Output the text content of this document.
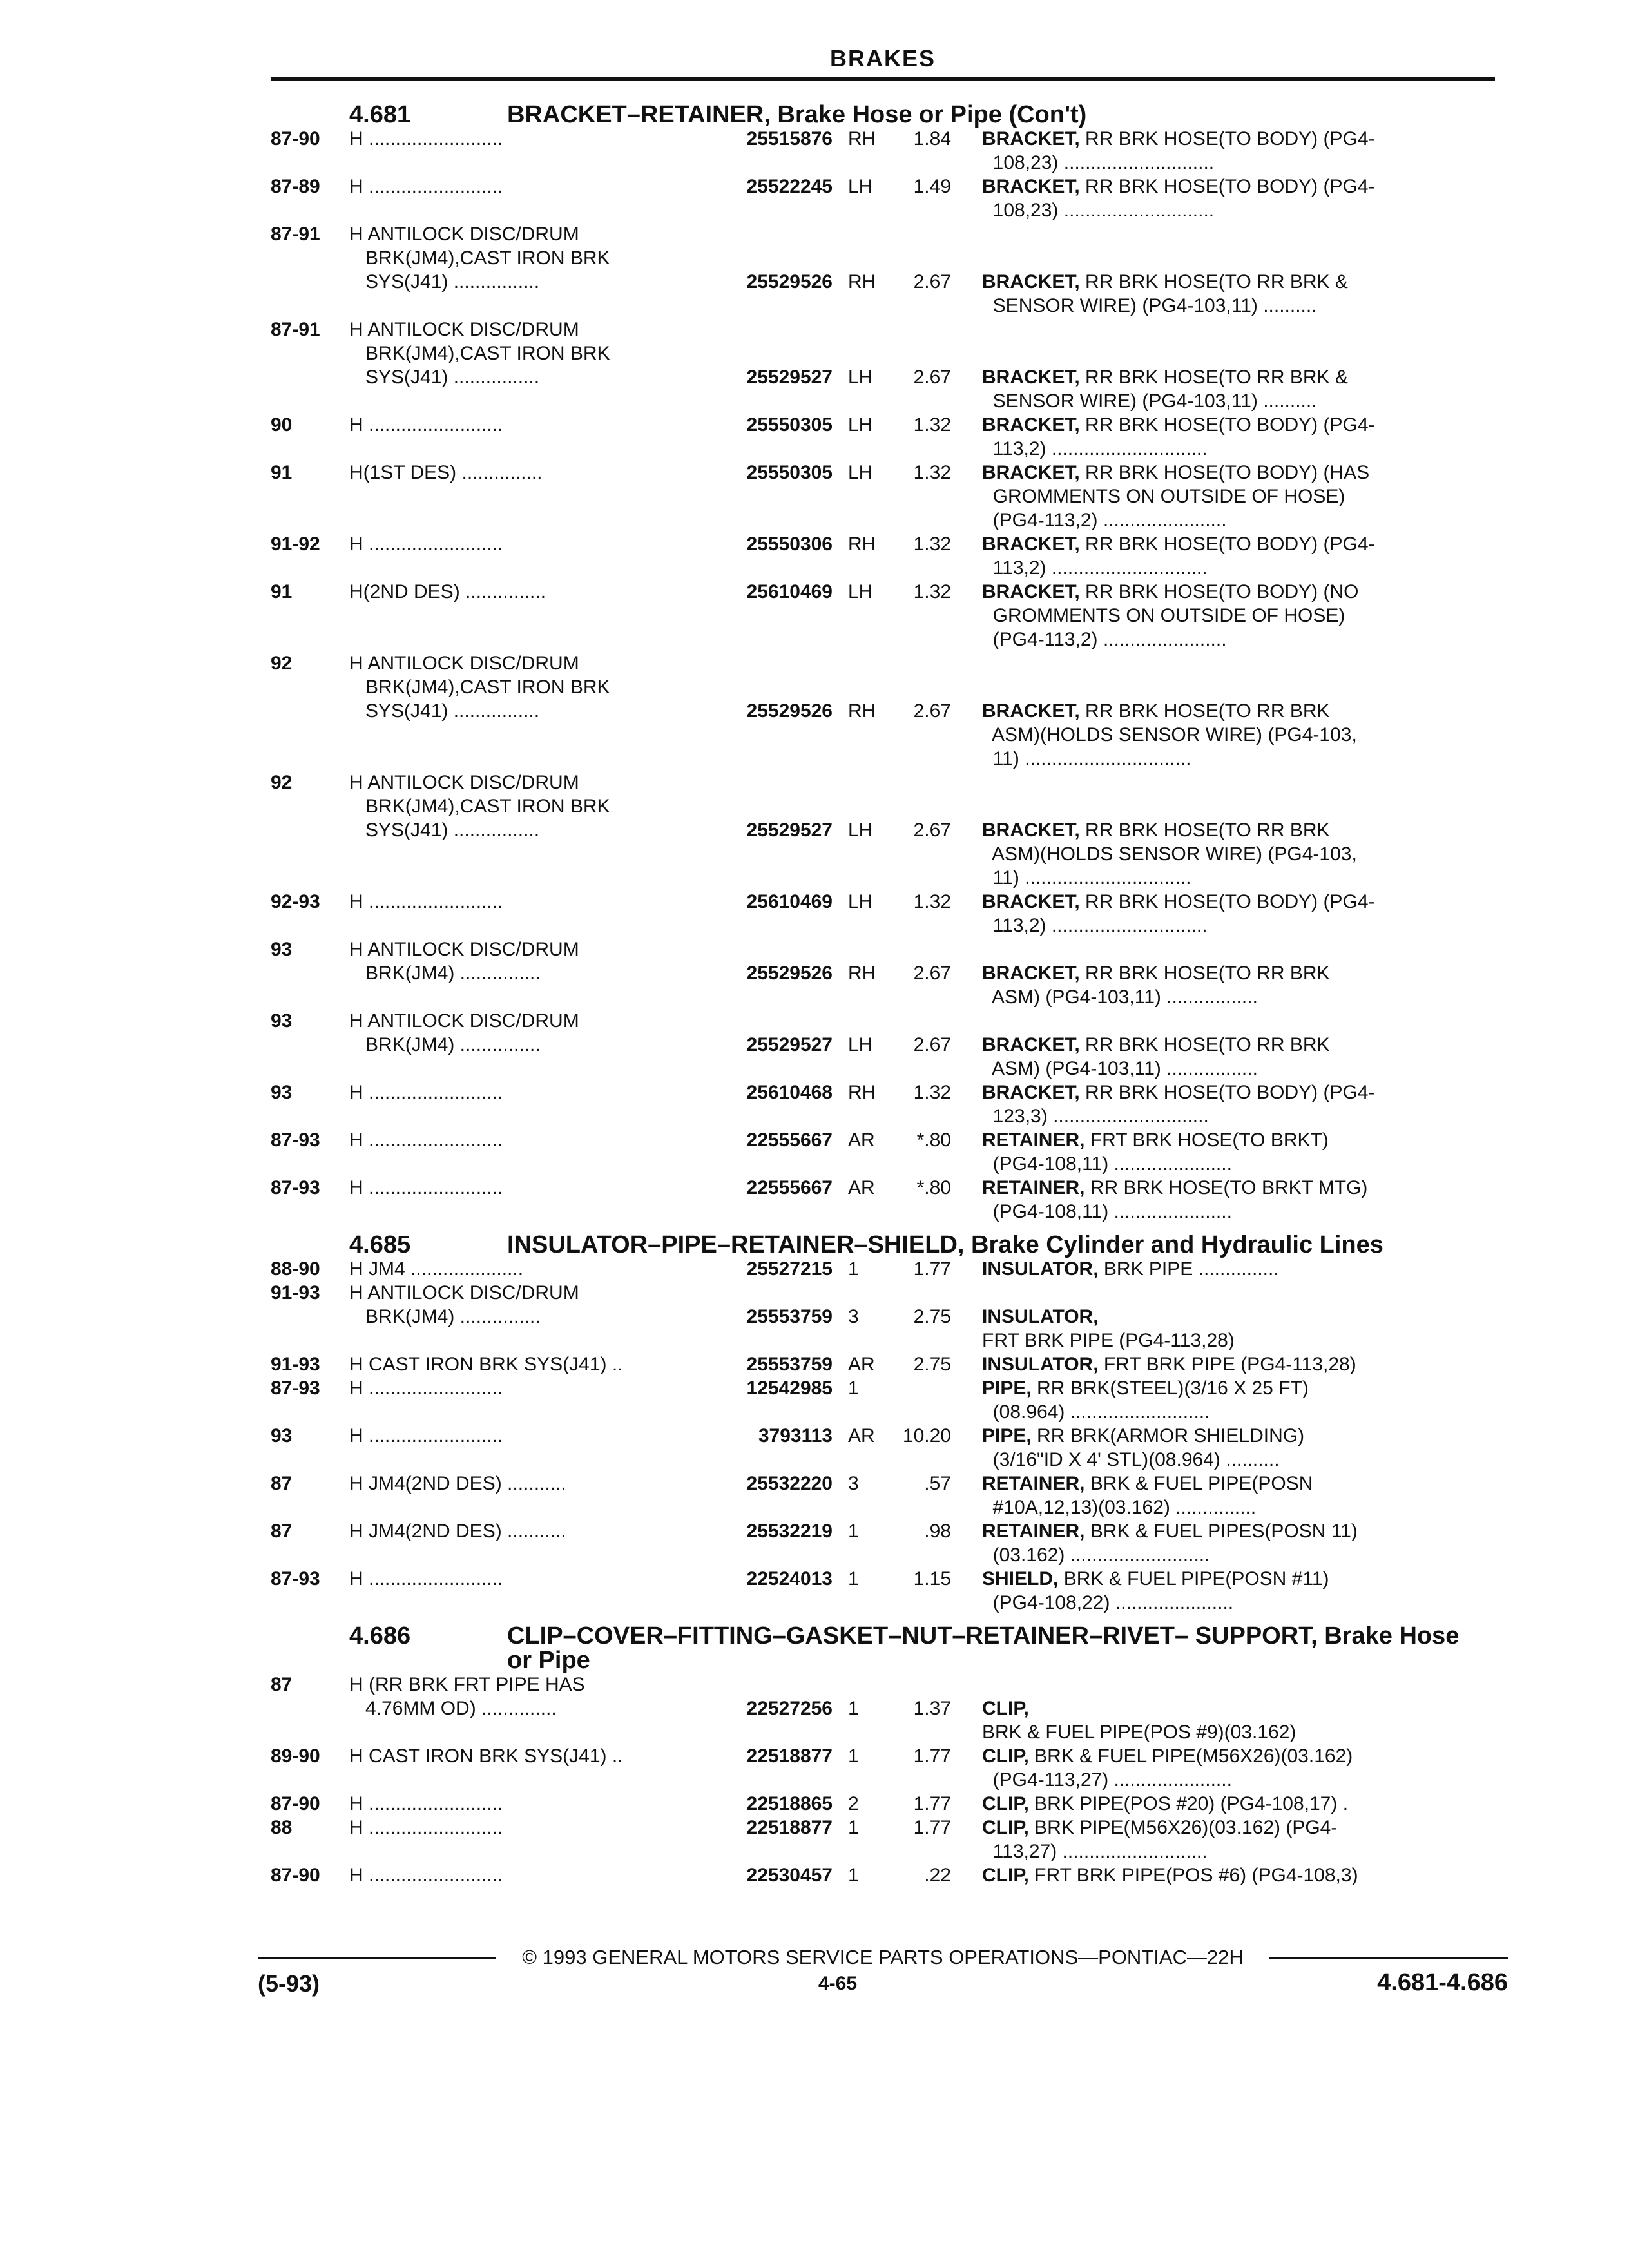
BRAKES
4.681	BRACKET–RETAINER, Brake Hose or Pipe (Con't)
87-90	H .........................	25515876 RH	1.84 BRACKET, RR BRK HOSE(TO BODY) (PG4-
108,23) ............................
87-89	H .........................	25522245 LH	1.49 BRACKET, RR BRK HOSE(TO BODY) (PG4-
108,23) ............................
87-91	H ANTILOCK DISC/DRUM
BRK(JM4),CAST IRON BRK
SYS(J41) ................	25529526 RH	2.67 BRACKET, RR BRK HOSE(TO RR BRK &
SENSOR WIRE) (PG4-103,11) ..........
87-91	H ANTILOCK DISC/DRUM
BRK(JM4),CAST IRON BRK
SYS(J41) ................	25529527 LH	2.67 BRACKET, RR BRK HOSE(TO RR BRK &
SENSOR WIRE) (PG4-103,11) ..........
90	H .........................	25550305 LH	1.32 BRACKET, RR BRK HOSE(TO BODY) (PG4-
113,2) .............................
91	H(1ST DES) ...............	25550305 LH	1.32 BRACKET, RR BRK HOSE(TO BODY) (HAS
GROMMENTS ON OUTSIDE OF HOSE)
(PG4-113,2) .......................
91-92	H .........................	25550306 RH	1.32 BRACKET, RR BRK HOSE(TO BODY) (PG4-
113,2) .............................
91	H(2ND DES) ...............	25610469 LH	1.32 BRACKET, RR BRK HOSE(TO BODY) (NO
GROMMENTS ON OUTSIDE OF HOSE)
(PG4-113,2) .......................
92	H ANTILOCK DISC/DRUM
BRK(JM4),CAST IRON BRK
SYS(J41) ................	25529526 RH	2.67 BRACKET, RR BRK HOSE(TO RR BRK
ASM)(HOLDS SENSOR WIRE) (PG4-103,
11) ...............................
92	H ANTILOCK DISC/DRUM
BRK(JM4),CAST IRON BRK
SYS(J41) ................	25529527 LH	2.67 BRACKET, RR BRK HOSE(TO RR BRK
ASM)(HOLDS SENSOR WIRE) (PG4-103,
11) ...............................
92-93	H .........................	25610469 LH	1.32 BRACKET, RR BRK HOSE(TO BODY) (PG4-
113,2) .............................
93	H ANTILOCK DISC/DRUM
BRK(JM4) ...............	25529526 RH	2.67 BRACKET, RR BRK HOSE(TO RR BRK
ASM) (PG4-103,11) .................
93	H ANTILOCK DISC/DRUM
BRK(JM4) ...............	25529527 LH	2.67 BRACKET, RR BRK HOSE(TO RR BRK
ASM) (PG4-103,11) .................
93	H .........................	25610468 RH	1.32 BRACKET, RR BRK HOSE(TO BODY) (PG4-
123,3) .............................
87-93	H .........................	22555667 AR	*.80 RETAINER, FRT BRK HOSE(TO BRKT)
(PG4-108,11) ......................
87-93	H .........................	22555667 AR	*.80 RETAINER, RR BRK HOSE(TO BRKT MTG)
(PG4-108,11) ......................
4.685	INSULATOR–PIPE–RETAINER–SHIELD, Brake Cylinder and Hydraulic Lines
88-90	H JM4 .....................	25527215 1	1.77 INSULATOR, BRK PIPE ...............
91-93	H ANTILOCK DISC/DRUM
BRK(JM4) ...............	25553759 3	2.75 INSULATOR,
FRT BRK PIPE (PG4-113,28)
91-93	H CAST IRON BRK SYS(J41) ..	25553759 AR	2.75 INSULATOR, FRT BRK PIPE (PG4-113,28)
87-93	H .........................	12542985 1	PIPE, RR BRK(STEEL)(3/16 X 25 FT)
(08.964) ..........................
93	H .........................	3793113 AR	10.20 PIPE, RR BRK(ARMOR SHIELDING)
(3/16"ID X 4' STL)(08.964) ..........
87	H JM4(2ND DES) ...........	25532220 3	.57 RETAINER, BRK & FUEL PIPE(POSN
#10A,12,13)(03.162) ...............
87	H JM4(2ND DES) ...........	25532219 1	.98 RETAINER, BRK & FUEL PIPES(POSN 11)
(03.162) ..........................
87-93	H .........................	22524013 1	1.15 SHIELD, BRK & FUEL PIPE(POSN #11)
(PG4-108,22) ......................
4.686	CLIP–COVER–FITTING–GASKET–NUT–RETAINER–RIVET– SUPPORT, Brake Hose or Pipe
87	H (RR BRK FRT PIPE HAS
4.76MM OD) ..............	22527256 1	1.37 CLIP,
BRK & FUEL PIPE(POS #9)(03.162)
89-90	H CAST IRON BRK SYS(J41) ..	22518877 1	1.77 CLIP, BRK & FUEL PIPE(M56X26)(03.162)
(PG4-113,27) ......................
87-90	H .........................	22518865 2	1.77 CLIP, BRK PIPE(POS #20) (PG4-108,17) .
88	H .........................	22518877 1	1.77 CLIP, BRK PIPE(M56X26)(03.162) (PG4-
113,27) ...........................
87-90	H .........................	22530457 1	.22 CLIP, FRT BRK PIPE(POS #6) (PG4-108,3)
© 1993 GENERAL MOTORS SERVICE PARTS OPERATIONS—PONTIAC—22H
(5-93)	4-65	4.681-4.686
